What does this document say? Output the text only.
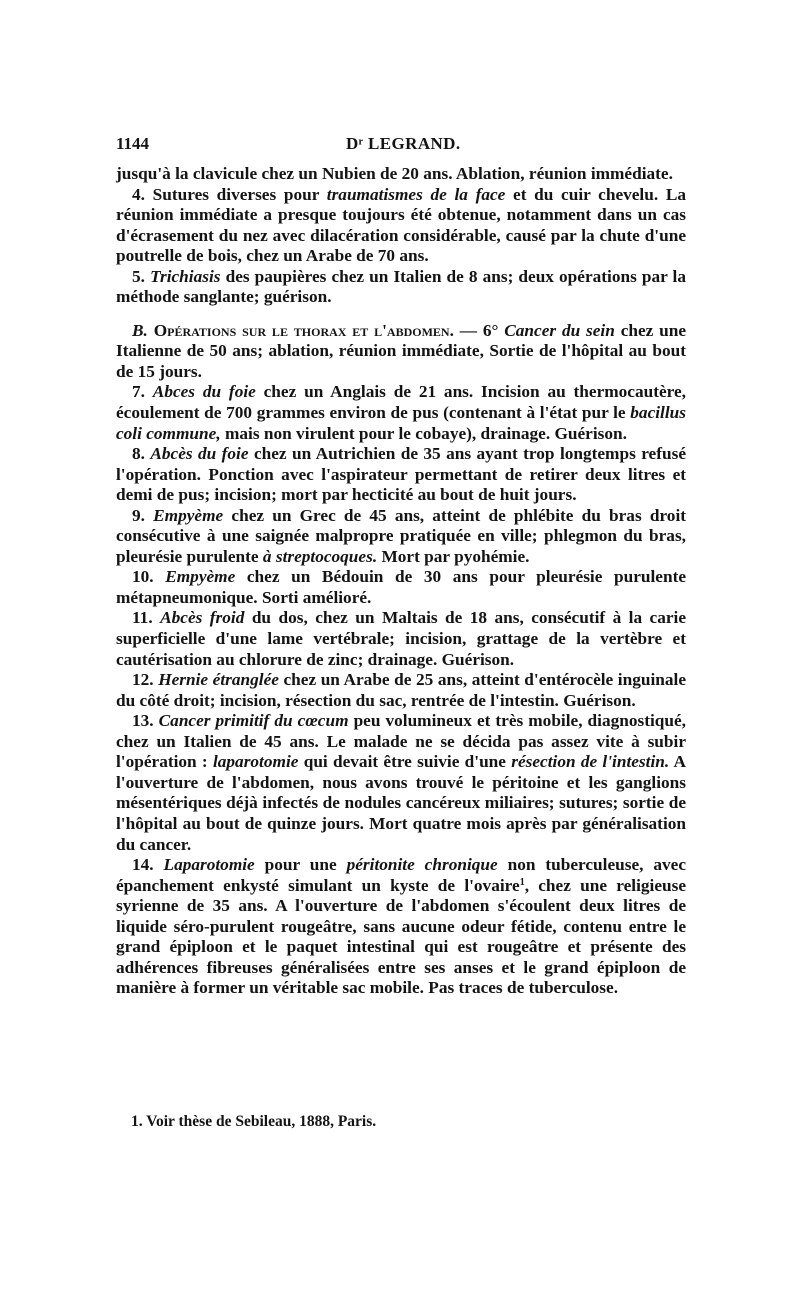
1144	Dʳ LEGRAND.

jusqu'à la clavicule chez un Nubien de 20 ans. Ablation, réunion immédiate.

4. Sutures diverses pour traumatismes de la face et du cuir chevelu. La réunion immédiate a presque toujours été obtenue, notamment dans un cas d'écrasement du nez avec dilacération considérable, causé par la chute d'une poutrelle de bois, chez un Arabe de 70 ans.

5. Trichiasis des paupières chez un Italien de 8 ans; deux opérations par la méthode sanglante; guérison.

B. Opérations sur le thorax et l'abdomen. — 6° Cancer du sein chez une Italienne de 50 ans; ablation, réunion immédiate, Sortie de l'hôpital au bout de 15 jours.

7. Abces du foie chez un Anglais de 21 ans. Incision au thermocautère, écoulement de 700 grammes environ de pus (contenant à l'état pur le bacillus coli commune, mais non virulent pour le cobaye), drainage. Guérison.

8. Abcès du foie chez un Autrichien de 35 ans ayant trop longtemps refusé l'opération. Ponction avec l'aspirateur permettant de retirer deux litres et demi de pus; incision; mort par hecticité au bout de huit jours.

9. Empyème chez un Grec de 45 ans, atteint de phlébite du bras droit consécutive à une saignée malpropre pratiquée en ville; phlegmon du bras, pleurésie purulente à streptocoques. Mort par pyohémie.

10. Empyème chez un Bédouin de 30 ans pour pleurésie purulente métapneumonique. Sorti amélioré.

11. Abcès froid du dos, chez un Maltais de 18 ans, consécutif à la carie superficielle d'une lame vertébrale; incision, grattage de la vertèbre et cautérisation au chlorure de zinc; drainage. Guérison.

12. Hernie étranglée chez un Arabe de 25 ans, atteint d'entérocèle inguinale du côté droit; incision, résection du sac, rentrée de l'intestin. Guérison.

13. Cancer primitif du cœcum peu volumineux et très mobile, diagnostiqué, chez un Italien de 45 ans. Le malade ne se décida pas assez vite à subir l'opération : laparotomie qui devait être suivie d'une résection de l'intestin. A l'ouverture de l'abdomen, nous avons trouvé le péritoine et les ganglions mésentériques déjà infectés de nodules cancéreux miliaires; sutures; sortie de l'hôpital au bout de quinze jours. Mort quatre mois après par généralisation du cancer.

14. Laparotomie pour une péritonite chronique non tuberculeuse, avec épanchement enkysté simulant un kyste de l'ovaire$^1$, chez une religieuse syrienne de 35 ans. A l'ouverture de l'abdomen s'écoulent deux litres de liquide séro-purulent rougeâtre, sans aucune odeur fétide, contenu entre le grand épiploon et le paquet intestinal qui est rougeâtre et présente des adhérences fibreuses généralisées entre ses anses et le grand épiploon de manière à former un véritable sac mobile. Pas traces de tuberculose.

1. Voir thèse de Sebileau, 1888, Paris.
